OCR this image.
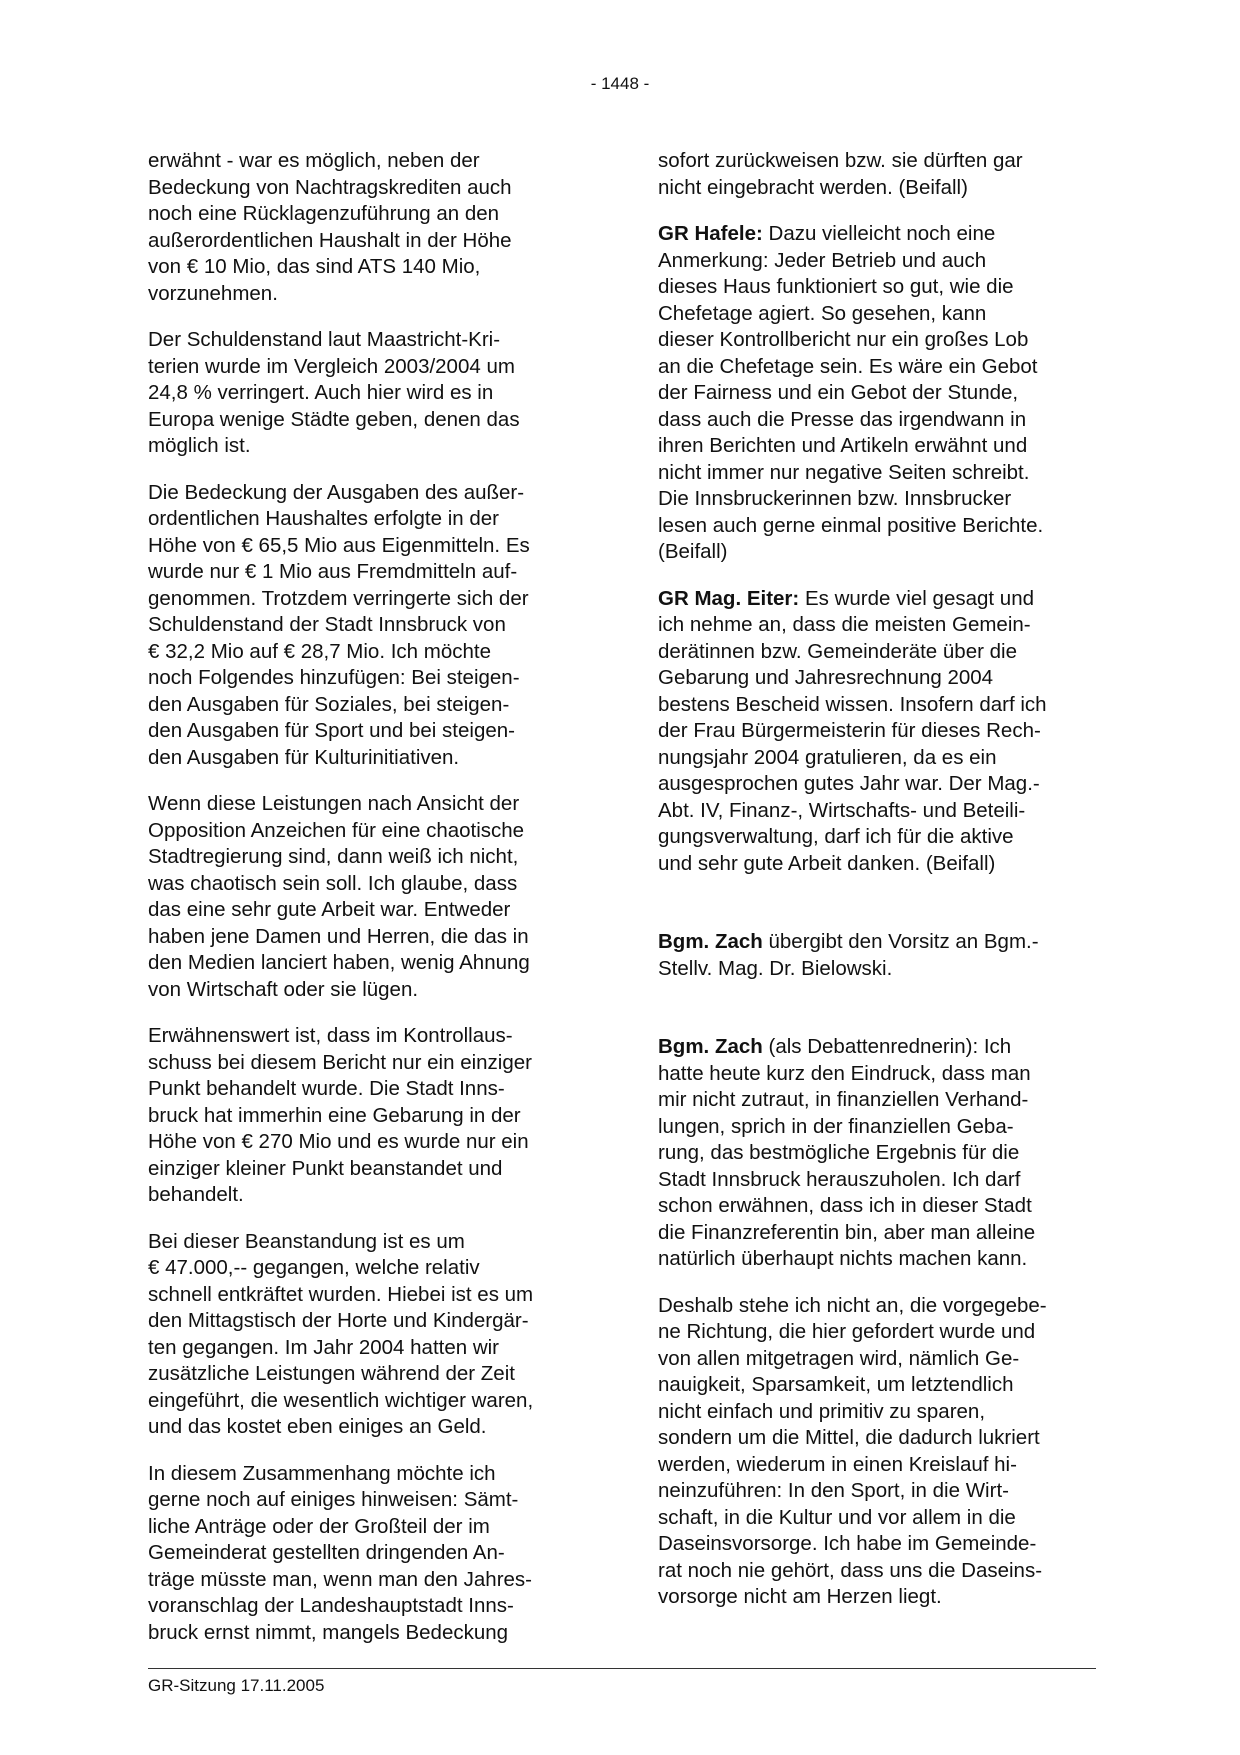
- 1448 -

erwähnt - war es möglich, neben der
Bedeckung von Nachtragskrediten auch
noch eine Rücklagenzuführung an den
außerordentlichen Haushalt in der Höhe
von € 10 Mio, das sind ATS 140 Mio,
vorzunehmen.

Der Schuldenstand laut Maastricht-Kri-
terien wurde im Vergleich 2003/2004 um
24,8 % verringert. Auch hier wird es in
Europa wenige Städte geben, denen das
möglich ist.

Die Bedeckung der Ausgaben des außer-
ordentlichen Haushaltes erfolgte in der
Höhe von € 65,5 Mio aus Eigenmitteln. Es
wurde nur € 1 Mio aus Fremdmitteln auf-
genommen. Trotzdem verringerte sich der
Schuldenstand der Stadt Innsbruck von
€ 32,2 Mio auf € 28,7 Mio. Ich möchte
noch Folgendes hinzufügen: Bei steigen-
den Ausgaben für Soziales, bei steigen-
den Ausgaben für Sport und bei steigen-
den Ausgaben für Kulturinitiativen.

Wenn diese Leistungen nach Ansicht der
Opposition Anzeichen für eine chaotische
Stadtregierung sind, dann weiß ich nicht,
was chaotisch sein soll. Ich glaube, dass
das eine sehr gute Arbeit war. Entweder
haben jene Damen und Herren, die das in
den Medien lanciert haben, wenig Ahnung
von Wirtschaft oder sie lügen.

Erwähnenswert ist, dass im Kontrollaus-
schuss bei diesem Bericht nur ein einziger
Punkt behandelt wurde. Die Stadt Inns-
bruck hat immerhin eine Gebarung in der
Höhe von € 270 Mio und es wurde nur ein
einziger kleiner Punkt beanstandet und
behandelt.

Bei dieser Beanstandung ist es um
€ 47.000,-- gegangen, welche relativ
schnell entkräftet wurden. Hiebei ist es um
den Mittagstisch der Horte und Kindergär-
ten gegangen. Im Jahr 2004 hatten wir
zusätzliche Leistungen während der Zeit
eingeführt, die wesentlich wichtiger waren,
und das kostet eben einiges an Geld.

In diesem Zusammenhang möchte ich
gerne noch auf einiges hinweisen: Sämt-
liche Anträge oder der Großteil der im
Gemeinderat gestellten dringenden An-
träge müsste man, wenn man den Jahres-
voranschlag der Landeshauptstadt Inns-
bruck ernst nimmt, mangels Bedeckung

sofort zurückweisen bzw. sie dürften gar
nicht eingebracht werden. (Beifall)

GR Hafele: Dazu vielleicht noch eine
Anmerkung: Jeder Betrieb und auch
dieses Haus funktioniert so gut, wie die
Chefetage agiert. So gesehen, kann
dieser Kontrollbericht nur ein großes Lob
an die Chefetage sein. Es wäre ein Gebot
der Fairness und ein Gebot der Stunde,
dass auch die Presse das irgendwann in
ihren Berichten und Artikeln erwähnt und
nicht immer nur negative Seiten schreibt.
Die Innsbruckerinnen bzw. Innsbrucker
lesen auch gerne einmal positive Berichte.
(Beifall)

GR Mag. Eiter: Es wurde viel gesagt und
ich nehme an, dass die meisten Gemein-
derätinnen bzw. Gemeinderäte über die
Gebarung und Jahresrechnung 2004
bestens Bescheid wissen. Insofern darf ich
der Frau Bürgermeisterin für dieses Rech-
nungsjahr 2004 gratulieren, da es ein
ausgesprochen gutes Jahr war. Der Mag.-
Abt. IV, Finanz-, Wirtschafts- und Beteili-
gungsverwaltung, darf ich für die aktive
und sehr gute Arbeit danken. (Beifall)

Bgm. Zach übergibt den Vorsitz an Bgm.-
Stellv. Mag. Dr. Bielowski.

Bgm. Zach (als Debattenrednerin): Ich
hatte heute kurz den Eindruck, dass man
mir nicht zutraut, in finanziellen Verhand-
lungen, sprich in der finanziellen Geba-
rung, das bestmögliche Ergebnis für die
Stadt Innsbruck herauszuholen. Ich darf
schon erwähnen, dass ich in dieser Stadt
die Finanzreferentin bin, aber man alleine
natürlich überhaupt nichts machen kann.

Deshalb stehe ich nicht an, die vorgegebe-
ne Richtung, die hier gefordert wurde und
von allen mitgetragen wird, nämlich Ge-
nauigkeit, Sparsamkeit, um letztendlich
nicht einfach und primitiv zu sparen,
sondern um die Mittel, die dadurch lukriert
werden, wiederum in einen Kreislauf hi-
neinzuführen: In den Sport, in die Wirt-
schaft, in die Kultur und vor allem in die
Daseinsvorsorge. Ich habe im Gemeinde-
rat noch nie gehört, dass uns die Daseins-
vorsorge nicht am Herzen liegt.

GR-Sitzung 17.11.2005
